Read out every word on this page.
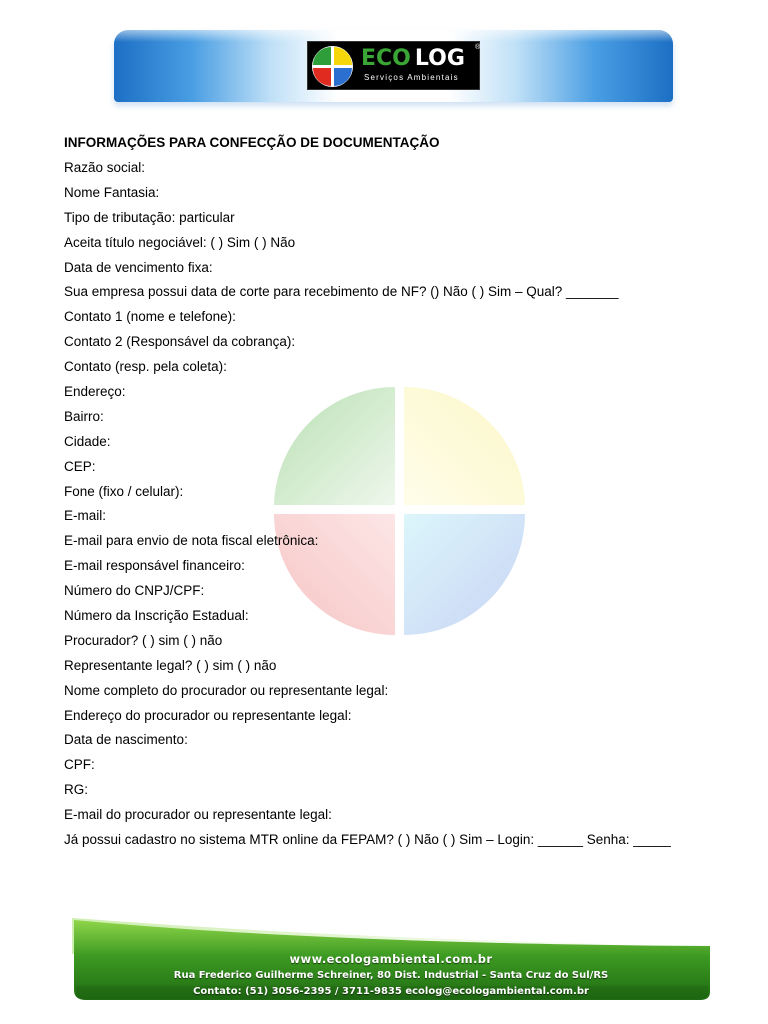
ECO LOG ®
Serviços Ambientais
INFORMAÇÕES PARA CONFECÇÃO DE DOCUMENTAÇÃO
Razão social:
Nome Fantasia:
Tipo de tributação: particular
Aceita título negociável: ( ) Sim ( ) Não
Data de vencimento fixa:
Sua empresa possui data de corte para recebimento de NF? () Não ( ) Sim – Qual? _______
Contato 1 (nome e telefone):
Contato 2 (Responsável da cobrança):
Contato (resp. pela coleta):
Endereço:
Bairro:
Cidade:
CEP:
Fone (fixo / celular):
E-mail:
E-mail para envio de nota fiscal eletrônica:
E-mail responsável financeiro:
Número do CNPJ/CPF:
Número da Inscrição Estadual:
Procurador? ( ) sim ( ) não
Representante legal? ( ) sim ( ) não
Nome completo do procurador ou representante legal:
Endereço do procurador ou representante legal:
Data de nascimento:
CPF:
RG:
E-mail do procurador ou representante legal:
Já possui cadastro no sistema MTR online da FEPAM? ( ) Não ( ) Sim – Login: ______ Senha: _____
www.ecologambiental.com.br
Rua Frederico Guilherme Schreiner, 80 Dist. Industrial - Santa Cruz do Sul/RS
Contato: (51) 3056-2395 / 3711-9835 ecolog@ecologambiental.com.br
